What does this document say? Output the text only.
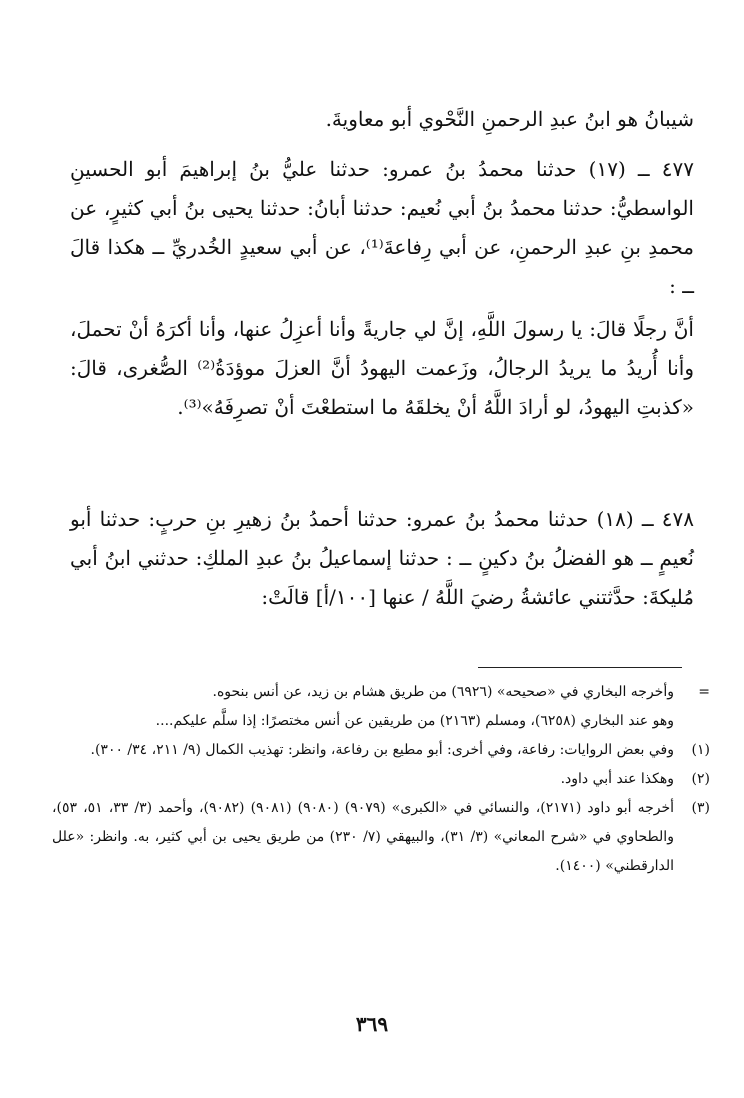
شيبانُ هو ابنُ عبدِ الرحمنِ النَّحْوي أبو معاويةَ.

٤٧٧ ــ (١٧) حدثنا محمدُ بنُ عمرو: حدثنا عليُّ بنُ إبراهيمَ أبو الحسينِ الواسطيُّ: حدثنا محمدُ بنُ أبي نُعيم: حدثنا أبانُ: حدثنا يحيى بنُ أبي كثيرٍ، عن محمدِ بنِ عبدِ الرحمنِ، عن أبي رِفاعةَ⁽¹⁾، عن أبي سعيدٍ الخُدريِّ ــ هكذا قالَ ــ :

أنَّ رجلًا قالَ: يا رسولَ اللَّهِ، إنَّ لي جاريةً وأنا أعزِلُ عنها، وأنا أكرَهُ أنْ تحملَ، وأنا أُريدُ ما يريدُ الرجالُ، وزَعمت اليهودُ أنَّ العزلَ موؤدَةُ⁽²⁾ الصُّغرى، قالَ: «كذبتِ اليهودُ، لو أرادَ اللَّهُ أنْ يخلقَهُ ما استطعْتَ أنْ تصرِفَهُ»⁽³⁾.

٤٧٨ ــ (١٨) حدثنا محمدُ بنُ عمرو: حدثنا أحمدُ بنُ زهيرِ بنِ حربٍ: حدثنا أبو نُعيمٍ ــ هو الفضلُ بنُ دكينٍ ــ : حدثنا إسماعيلُ بنُ عبدِ الملكِ: حدثني ابنُ أبي مُليكةَ: حدَّثتني عائشةُ رضيَ اللَّهُ / عنها [١٠٠/أ] قالَتْ:

=

وأخرجه البخاري في «صحيحه» (٦٩٢٦) من طريق هشام بن زيد، عن أنس بنحوه.

وهو عند البخاري (٦٢٥٨)، ومسلم (٢١٦٣) من طريقين عن أنس مختصرًا: إذا سلَّم عليكم....

(١)

وفي بعض الروايات: رفاعة، وفي أخرى: أبو مطيع بن رفاعة، وانظر: تهذيب الكمال (٩/ ٢١١، ٣٤/ ٣٠٠).

(٢)

وهكذا عند أبي داود.

(٣)

أخرجه أبو داود (٢١٧١)، والنسائي في «الكبرى» (٩٠٧٩) (٩٠٨٠) (٩٠٨١) (٩٠٨٢)، وأحمد (٣/ ٣٣، ٥١، ٥٣)، والطحاوي في «شرح المعاني» (٣/ ٣١)، والبيهقي (٧/ ٢٣٠) من طريق يحيى بن أبي كثير، به. وانظر: «علل الدارقطني» (١٤٠٠).

٣٦٩
